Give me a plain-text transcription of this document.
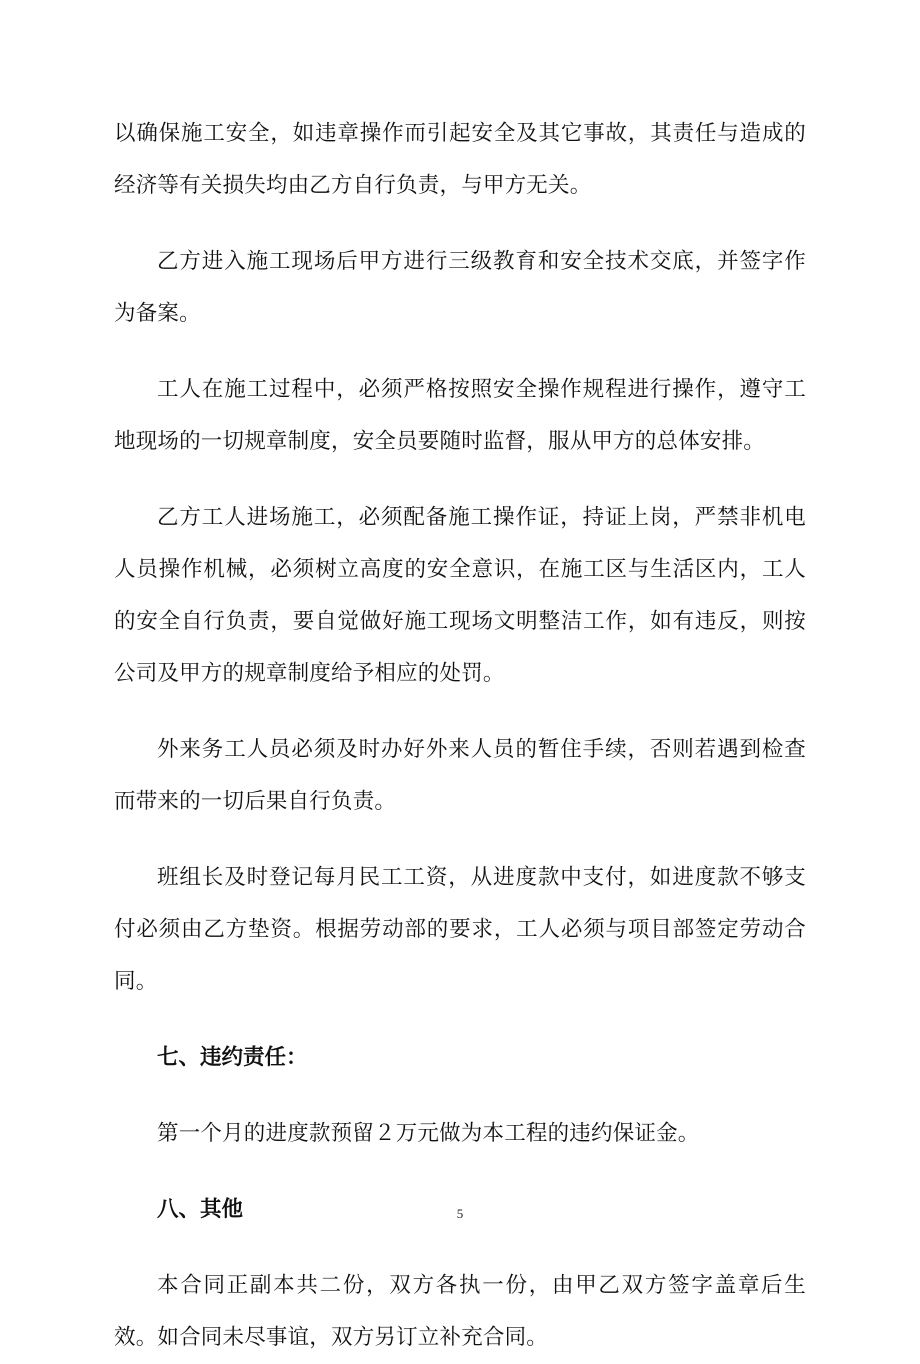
以确保施工安全，如违章操作而引起安全及其它事故，其责任与造成的经济等有关损失均由乙方自行负责，与甲方无关。

乙方进入施工现场后甲方进行三级教育和安全技术交底，并签字作为备案。

工人在施工过程中，必须严格按照安全操作规程进行操作，遵守工地现场的一切规章制度，安全员要随时监督，服从甲方的总体安排。

乙方工人进场施工，必须配备施工操作证，持证上岗，严禁非机电人员操作机械，必须树立高度的安全意识，在施工区与生活区内，工人的安全自行负责，要自觉做好施工现场文明整洁工作，如有违反，则按公司及甲方的规章制度给予相应的处罚。

外来务工人员必须及时办好外来人员的暂住手续，否则若遇到检查而带来的一切后果自行负责。

班组长及时登记每月民工工资，从进度款中支付，如进度款不够支付必须由乙方垫资。根据劳动部的要求，工人必须与项目部签定劳动合同。

七、违约责任：

第一个月的进度款预留２万元做为本工程的违约保证金。

八、其他

本合同正副本共二份，双方各执一份，由甲乙双方签字盖章后生效。如合同未尽事谊，双方另订立补充合同。

5
